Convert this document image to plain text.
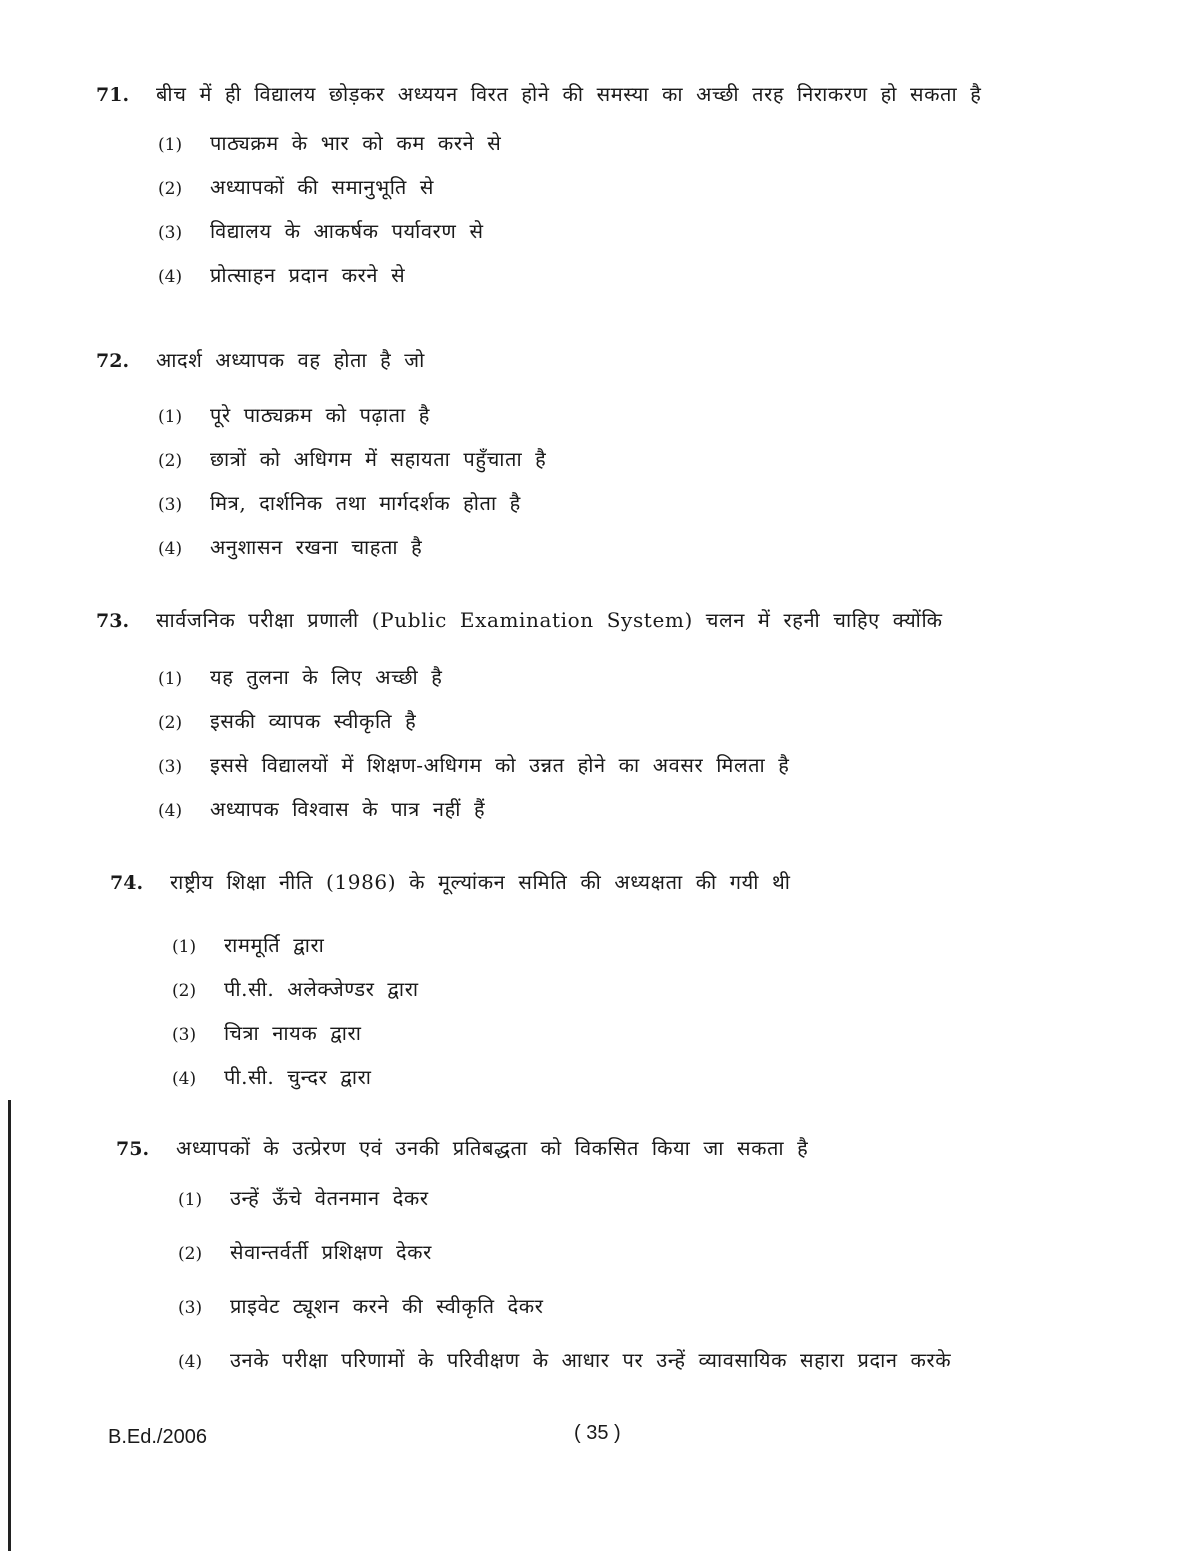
71.	बीच में ही विद्यालय छोड़कर अध्ययन विरत होने की समस्या का अच्छी तरह निराकरण हो सकता है
(1)	पाठ्यक्रम के भार को कम करने से
(2)	अध्यापकों की समानुभूति से
(3)	विद्यालय के आकर्षक पर्यावरण से
(4)	प्रोत्साहन प्रदान करने से
72.	आदर्श अध्यापक वह होता है जो
(1)	पूरे पाठ्यक्रम को पढ़ाता है
(2)	छात्रों को अधिगम में सहायता पहुँचाता है
(3)	मित्र, दार्शनिक तथा मार्गदर्शक होता है
(4)	अनुशासन रखना चाहता है
73.	सार्वजनिक परीक्षा प्रणाली (Public Examination System) चलन में रहनी चाहिए क्योंकि
(1)	यह तुलना के लिए अच्छी है
(2)	इसकी व्यापक स्वीकृति है
(3)	इससे विद्यालयों में शिक्षण-अधिगम को उन्नत होने का अवसर मिलता है
(4)	अध्यापक विश्वास के पात्र नहीं हैं
74.	राष्ट्रीय शिक्षा नीति (1986) के मूल्यांकन समिति की अध्यक्षता की गयी थी
(1)	राममूर्ति द्वारा
(2)	पी.सी. अलेक्जेण्डर द्वारा
(3)	चित्रा नायक द्वारा
(4)	पी.सी. चुन्दर द्वारा
75.	अध्यापकों के उत्प्रेरण एवं उनकी प्रतिबद्धता को विकसित किया जा सकता है
(1)	उन्हें ऊँचे वेतनमान देकर
(2)	सेवान्तर्वर्ती प्रशिक्षण देकर
(3)	प्राइवेट ट्यूशन करने की स्वीकृति देकर
(4)	उनके परीक्षा परिणामों के परिवीक्षण के आधार पर उन्हें व्यावसायिक सहारा प्रदान करके
B.Ed./2006	( 35 )
